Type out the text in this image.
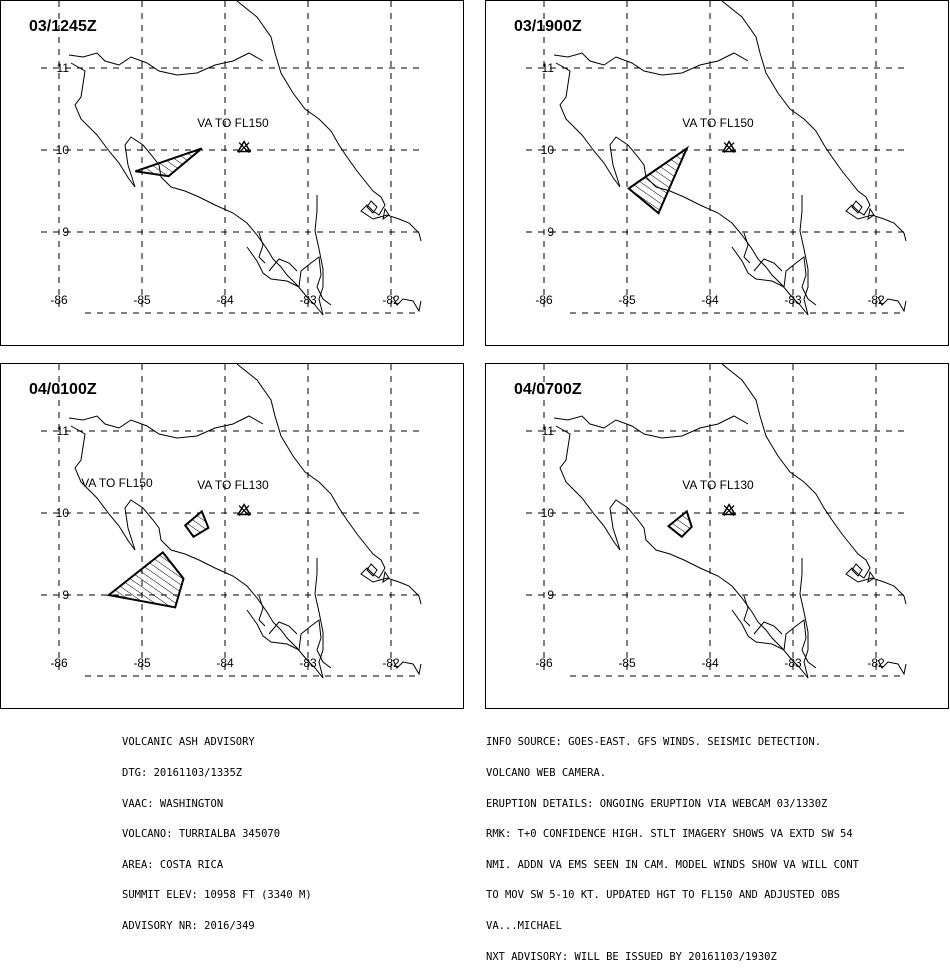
-86	-85	-84	-83	-82
11
10
9
VA TO FL150
03/1245Z
-86	-85	-84	-83	-82
11
10
9
VA TO FL150
03/1900Z
-86	-85	-84	-83	-82
11
10
9
VA TO FL150	VA TO FL130
04/0100Z
-86	-85	-84	-83	-82
11
10
9
VA TO FL130
04/0700Z

VOLCANIC ASH ADVISORY

DTG: 20161103/1335Z

VAAC: WASHINGTON

VOLCANO: TURRIALBA 345070

AREA: COSTA RICA

SUMMIT ELEV: 10958 FT (3340 M)

ADVISORY NR: 2016/349

INFO SOURCE: GOES-EAST. GFS WINDS. SEISMIC DETECTION.

VOLCANO WEB CAMERA.

ERUPTION DETAILS: ONGOING ERUPTION VIA WEBCAM 03/1330Z

RMK: T+0 CONFIDENCE HIGH. STLT IMAGERY SHOWS VA EXTD SW 54

NMI. ADDN VA EMS SEEN IN CAM. MODEL WINDS SHOW VA WILL CONT

TO MOV SW 5-10 KT. UPDATED HGT TO FL150 AND ADJUSTED OBS

VA...MICHAEL

NXT ADVISORY: WILL BE ISSUED BY 20161103/1930Z
